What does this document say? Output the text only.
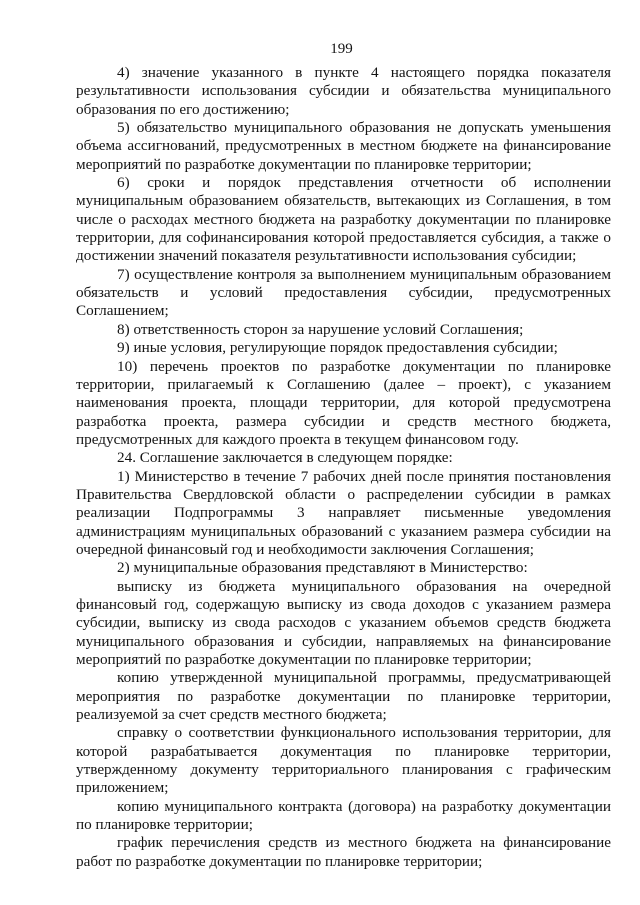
199

4) значение указанного в пункте 4 настоящего порядка показателя результативности использования субсидии и обязательства муниципального образования по его достижению;

5) обязательство муниципального образования не допускать уменьшения объема ассигнований, предусмотренных в местном бюджете на финансирование мероприятий по разработке документации по планировке территории;

6) сроки и порядок представления отчетности об исполнении муниципальным образованием обязательств, вытекающих из Соглашения, в том числе о расходах местного бюджета на разработку документации по планировке территории, для софинансирования которой предоставляется субсидия, а также о достижении значений показателя результативности использования субсидии;

7) осуществление контроля за выполнением муниципальным образованием обязательств и условий предоставления субсидии, предусмотренных Соглашением;

8) ответственность сторон за нарушение условий Соглашения;

9) иные условия, регулирующие порядок предоставления субсидии;

10) перечень проектов по разработке документации по планировке территории, прилагаемый к Соглашению (далее – проект), с указанием наименования проекта, площади территории, для которой предусмотрена разработка проекта, размера субсидии и средств местного бюджета, предусмотренных для каждого проекта в текущем финансовом году.

24. Соглашение заключается в следующем порядке:

1) Министерство в течение 7 рабочих дней после принятия постановления Правительства Свердловской области о распределении субсидии в рамках реализации Подпрограммы 3 направляет письменные уведомления администрациям муниципальных образований с указанием размера субсидии на очередной финансовый год и необходимости заключения Соглашения;

2) муниципальные образования представляют в Министерство:

выписку из бюджета муниципального образования на очередной финансовый год, содержащую выписку из свода доходов с указанием размера субсидии, выписку из свода расходов с указанием объемов средств бюджета муниципального образования и субсидии, направляемых на финансирование мероприятий по разработке документации по планировке территории;

копию утвержденной муниципальной программы, предусматривающей мероприятия по разработке документации по планировке территории, реализуемой за счет средств местного бюджета;

справку о соответствии функционального использования территории, для которой разрабатывается документация по планировке территории, утвержденному документу территориального планирования с графическим приложением;

копию муниципального контракта (договора) на разработку документации по планировке территории;

график перечисления средств из местного бюджета на финансирование работ по разработке документации по планировке территории;
